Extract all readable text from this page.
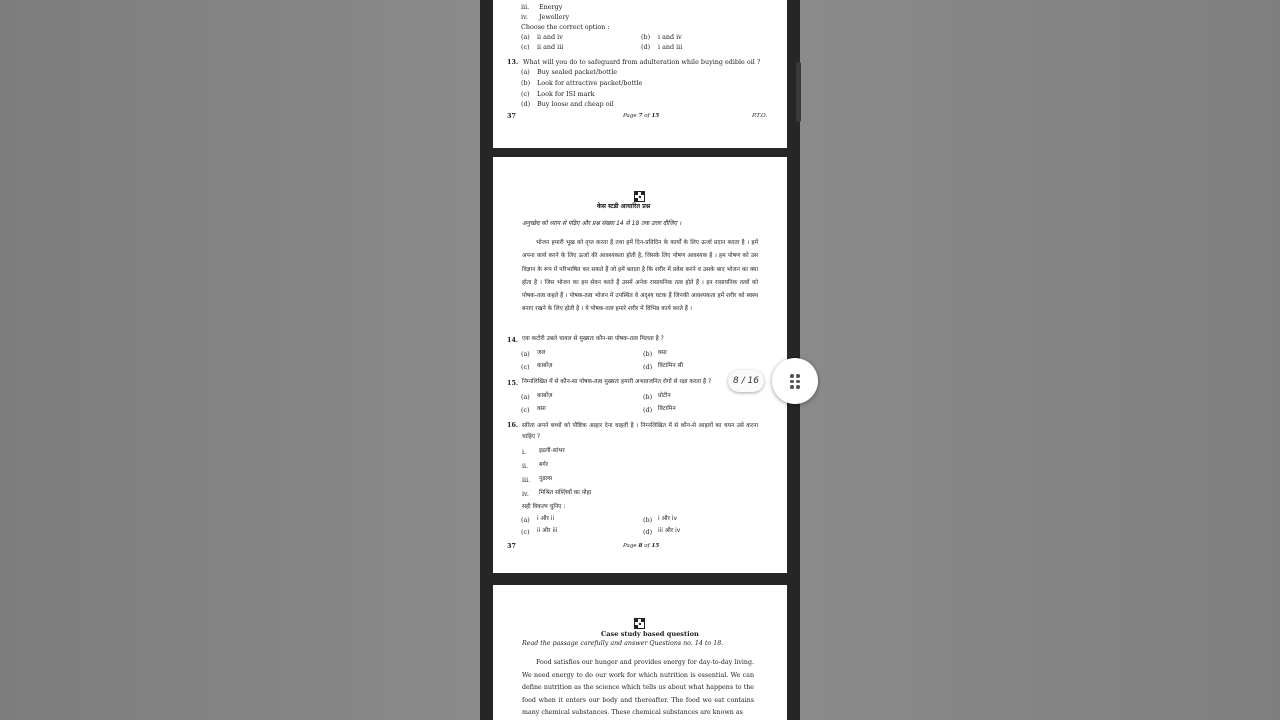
iii. Energy
iv. Jewellery
Choose the correct option :
(a) ii and iv	(b) i and iv
(c) ii and iii	(d) i and iii
13. What will you do to safeguard from adulteration while buying edible oil ?
(a) Buy sealed packet/bottle
(b) Look for attractive packet/bottle
(c) Look for ISI mark
(d) Buy loose and cheap oil
37	Page 7 of 15	P.T.O.
केस स्टडी आधारित प्रश्न
अनुच्छेद को ध्यान से पढ़िए और प्रश्न संख्या 14 से 18 तक उत्तर दीजिए ।
भोजन हमारी भूख को तृप्त करता है तथा हमें दिन-प्रतिदिन के कार्यों के लिए ऊर्जा प्रदान करता है । हमें अपना कार्य करने के लिए ऊर्जा की आवश्यकता होती है, जिसके लिए पोषण आवश्यक है । हम पोषण को उस विज्ञान के रूप में परिभाषित कर सकते हैं जो हमें बताता है कि शरीर में प्रवेश करने व उसके बाद भोजन का क्या होता है । जिस भोजन का हम सेवन करते हैं उसमें अनेक रासायनिक तत्व होते हैं । इन रासायनिक तत्वों को पोषक-तत्व कहते हैं । पोषक-तत्व भोजन में उपस्थित वे अदृश्य घटक हैं जिनकी आवश्यकता हमें शरीर को स्वस्थ बनाए रखने के लिए होती है । ये पोषक-तत्व हमारे शरीर में विभिन्न कार्य करते हैं ।
14. एक कटोरी उबले चावल से मुख्यतः कौन-सा पोषक-तत्व मिलता है ?
(a) जल	(b) वसा
(c) कार्बोज़	(d) विटामिन सी
15. निम्नलिखित में से कौन-सा पोषक-तत्व मुख्यतः हमारी अभावजनित रोगों से रक्षा करता है ?
(a) कार्बोज़	(b) प्रोटीन
(c) वसा	(d) विटामिन
16. सरिता अपने बच्चों को पौष्टिक आहार देना चाहती है । निम्नलिखित में से कौन-से आहारों का चयन उसे करना चाहिए ?
i. इडली-सांभर
ii. बर्गर
iii. नूडल्स
iv. मिश्रित सब्ज़ियों का पोहा
सही विकल्प चुनिए :
(a) i और ii	(b) i और iv
(c) ii और iii	(d) iii और iv
37	Page 8 of 15
Case study based question
Read the passage carefully and answer Questions no. 14 to 18.
Food satisfies our hunger and provides energy for day-to-day living. We need energy to do our work for which nutrition is essential. We can define nutrition as the science which tells us about what happens to the food when it enters our body and thereafter. The food we eat contains many chemical substances. These chemical substances are known as
8 / 16
